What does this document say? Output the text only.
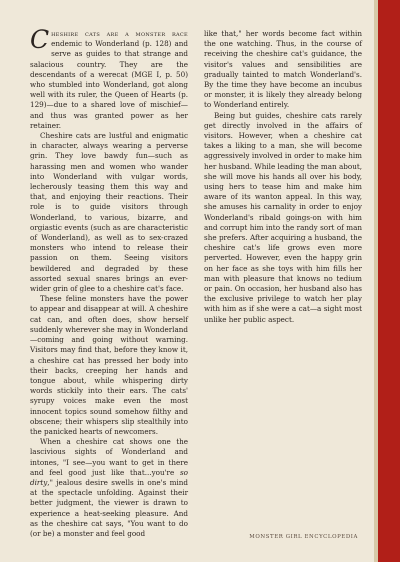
Cheshire cats are a monster race endemic to Wonderland (p. 128) and serve as guides to that strange and salacious country. They are the descendants of a werecat (MGE I, p. 50) who stumbled into Wonderland, got along well with its ruler, the Queen of Hearts (p. 129)—due to a shared love of mischief—and thus was granted power as her retainer.

Cheshire cats are lustful and enigmatic in character, always wearing a perverse grin. They love bawdy fun—such as harassing men and women who wander into Wonderland with vulgar words, lecherously teasing them this way and that, and enjoying their reactions. Their role is to guide visitors through Wonderland, to various, bizarre, and orgiastic events (such as are characteristic of Wonderland), as well as to sex-crazed monsters who intend to release their passion on them. Seeing visitors bewildered and degraded by these assorted sexual snares brings an ever-wider grin of glee to a cheshire cat's face.

These feline monsters have the power to appear and disappear at will. A cheshire cat can, and often does, show herself suddenly wherever she may in Wonderland—coming and going without warning. Visitors may find that, before they know it, a cheshire cat has pressed her body into their backs, creeping her hands and tongue about, while whispering dirty words stickily into their ears. The cats' syrupy voices make even the most innocent topics sound somehow filthy and obscene; their whispers slip stealthily into the panicked hearts of newcomers.

When a cheshire cat shows one the lascivious sights of Wonderland and intones, "I see—you want to get in there and feel good just like that...you're so dirty," jealous desire swells in one's mind at the spectacle unfolding. Against their better judgment, the viewer is drawn to experience a heat-seeking pleasure. And as the cheshire cat says, "You want to do (or be) a monster and feel good

like that," her words become fact within the one watching. Thus, in the course of receiving the cheshire cat's guidance, the visitor's values and sensibilities are gradually tainted to match Wonderland's. By the time they have become an incubus or monster, it is likely they already belong to Wonderland entirely.

Being but guides, cheshire cats rarely get directly involved in the affairs of visitors. However, when a cheshire cat takes a liking to a man, she will become aggressively involved in order to make him her husband. While leading the man about, she will move his hands all over his body, using hers to tease him and make him aware of its wanton appeal. In this way, she amuses his carnality in order to enjoy Wonderland's ribald goings-on with him and corrupt him into the randy sort of man she prefers. After acquiring a husband, the cheshire cat's life grows even more perverted. However, even the happy grin on her face as she toys with him fills her man with pleasure that knows no tedium or pain. On occasion, her husband also has the exclusive privilege to watch her play with him as if she were a cat—a sight most unlike her public aspect.

MONSTER GIRL ENCYCLOPEDIA
